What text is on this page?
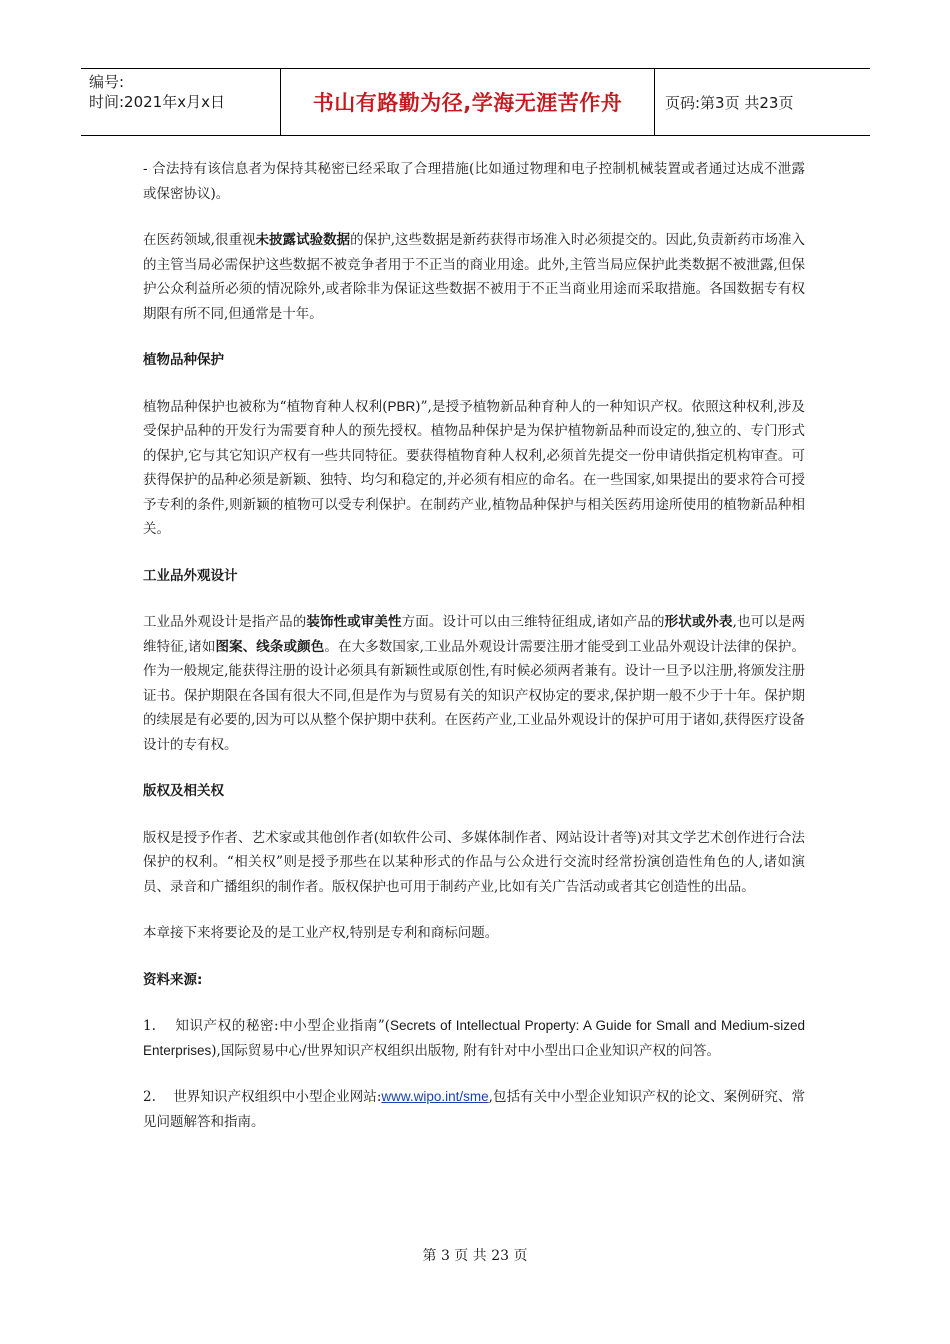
编号:
时间:2021年x月x日	书山有路勤为径,学海无涯苦作舟	页码:第3页 共23页

- 合法持有该信息者为保持其秘密已经采取了合理措施(比如通过物理和电子控制机械装置或者通过达成不泄露或保密协议)。

在医药领域,很重视未披露试验数据的保护,这些数据是新药获得市场准入时必须提交的。因此,负责新药市场准入的主管当局必需保护这些数据不被竞争者用于不正当的商业用途。此外,主管当局应保护此类数据不被泄露,但保护公众利益所必须的情况除外,或者除非为保证这些数据不被用于不正当商业用途而采取措施。各国数据专有权期限有所不同,但通常是十年。

植物品种保护

植物品种保护也被称为“植物育种人权利(PBR)”,是授予植物新品种育种人的一种知识产权。依照这种权利,涉及受保护品种的开发行为需要育种人的预先授权。植物品种保护是为保护植物新品种而设定的,独立的、专门形式的保护,它与其它知识产权有一些共同特征。要获得植物育种人权利,必须首先提交一份申请供指定机构审查。可获得保护的品种必须是新颖、独特、均匀和稳定的,并必须有相应的命名。在一些国家,如果提出的要求符合可授予专利的条件,则新颖的植物可以受专利保护。在制药产业,植物品种保护与相关医药用途所使用的植物新品种相关。

工业品外观设计

工业品外观设计是指产品的装饰性或审美性方面。设计可以由三维特征组成,诸如产品的形状或外表,也可以是两维特征,诸如图案、线条或颜色。在大多数国家,工业品外观设计需要注册才能受到工业品外观设计法律的保护。作为一般规定,能获得注册的设计必须具有新颖性或原创性,有时候必须两者兼有。设计一旦予以注册,将颁发注册证书。保护期限在各国有很大不同,但是作为与贸易有关的知识产权协定的要求,保护期一般不少于十年。保护期的续展是有必要的,因为可以从整个保护期中获利。在医药产业,工业品外观设计的保护可用于诸如,获得医疗设备设计的专有权。

版权及相关权

版权是授予作者、艺术家或其他创作者(如软件公司、多媒体制作者、网站设计者等)对其文学艺术创作进行合法保护的权利。“相关权”则是授予那些在以某种形式的作品与公众进行交流时经常扮演创造性角色的人,诸如演员、录音和广播组织的制作者。版权保护也可用于制药产业,比如有关广告活动或者其它创造性的出品。

本章接下来将要论及的是工业产权,特别是专利和商标问题。

资料来源:

1. 知识产权的秘密:中小型企业指南”(Secrets of Intellectual Property: A Guide for Small and Medium-sized Enterprises),国际贸易中心/世界知识产权组织出版物, 附有针对中小型出口企业知识产权的问答。

2. 世界知识产权组织中小型企业网站:www.wipo.int/sme,包括有关中小型企业知识产权的论文、案例研究、常见问题解答和指南。

第 3 页 共 23 页
